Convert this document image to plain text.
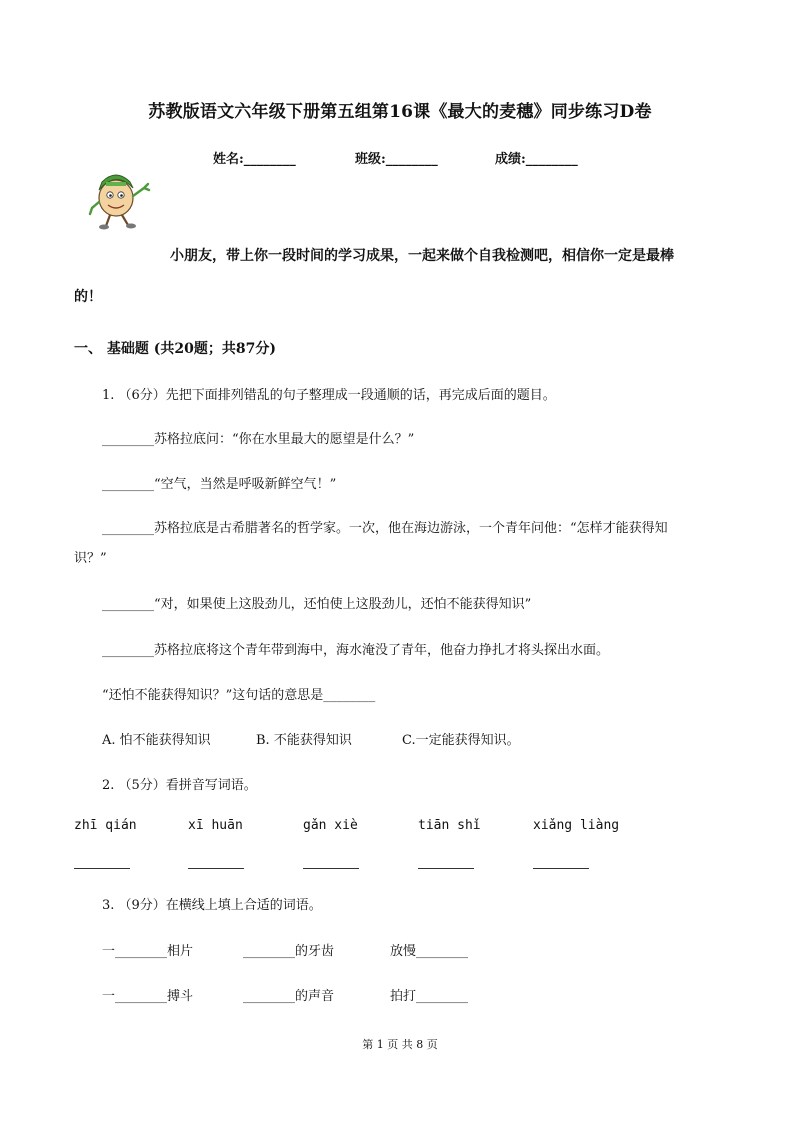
苏教版语文六年级下册第五组第16课《最大的麦穗》同步练习D卷
姓名:________	班级:________	成绩:________
小朋友，带上你一段时间的学习成果，一起来做个自我检测吧，相信你一定是最棒
的！
一、 基础题 (共20题；共87分)
1. （6分）先把下面排列错乱的句子整理成一段通顺的话，再完成后面的题目。
________苏格拉底问：“你在水里最大的愿望是什么？”
________“空气，当然是呼吸新鲜空气！”
________苏格拉底是古希腊著名的哲学家。一次，他在海边游泳，一个青年问他：“怎样才能获得知
识？”
________“对，如果使上这股劲儿，还怕使上这股劲儿，还怕不能获得知识”
________苏格拉底将这个青年带到海中，海水淹没了青年，他奋力挣扎才将头探出水面。
“还怕不能获得知识？”这句话的意思是________
A. 怕不能获得知识	B. 不能获得知识	C.一定能获得知识。
2. （5分）看拼音写词语。
zhī qián	xī huān	gǎn xiè	tiān shǐ	xiǎng liàng
3. （9分）在横线上填上合适的词语。
一________相片	________的牙齿	放慢________
一________搏斗	________的声音	拍打________
第 1 页 共 8 页
